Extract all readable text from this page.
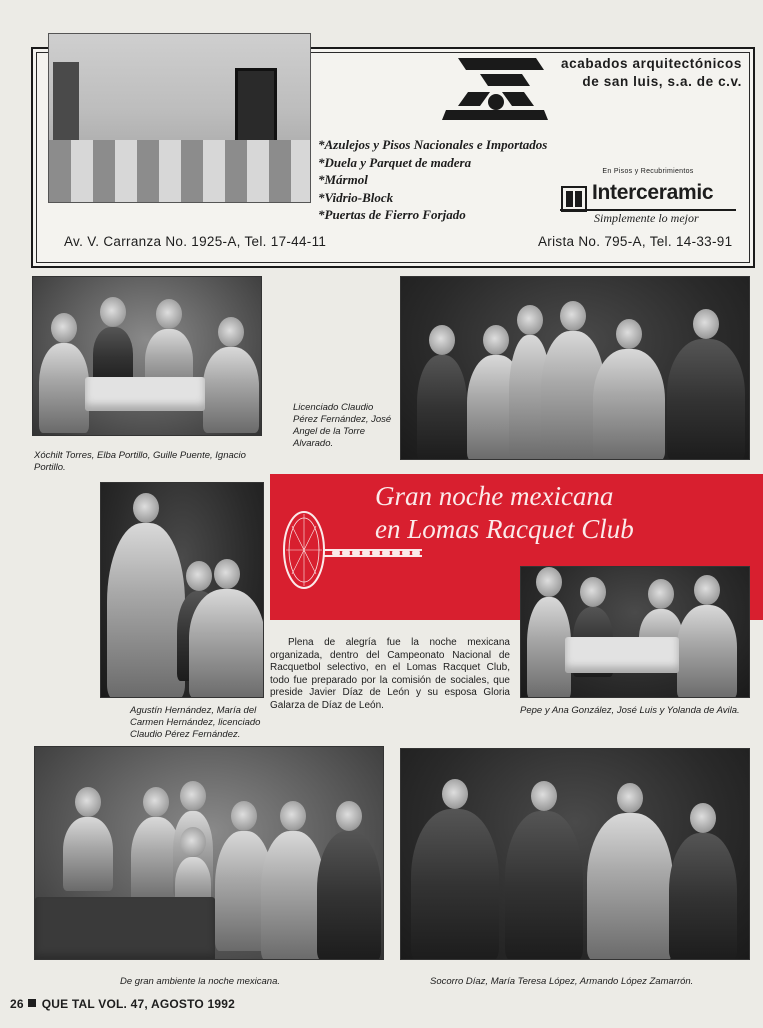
acabados arquitectónicos
de san luis, s.a. de c.v.
*Azulejos y Pisos Nacionales e Importados
*Duela y Parquet de madera
*Mármol
*Vidrio-Block
*Puertas de Fierro Forjado
En Pisos y Recubrimientos
Interceramic
Simplemente lo mejor
Av. V. Carranza No. 1925-A, Tel. 17-44-11	Arista No. 795-A, Tel. 14-33-91
Xóchilt Torres, Elba Portillo, Guille Puente, Ignacio Portillo.
Licenciado Claudio Pérez Fernández, José Angel de la Torre Alvarado.
Agustín Hernández, María del Carmen Hernández, licenciado Claudio Pérez Fernández.
Gran noche mexicana
en Lomas Racquet Club
Pepe y Ana González, José Luis y Yolanda de Avila.

Plena de alegría fue la noche mexicana organizada, dentro del Campeonato Nacional de Racquetbol selectivo, en el Lomas Racquet Club, todo fue preparado por la comisión de sociales, que preside Javier Díaz de León y su esposa Gloria Galarza de Díaz de León.

De gran ambiente la noche mexicana.	Socorro Díaz, María Teresa López, Armando López Zamarrón.
26 QUE TAL VOL. 47, AGOSTO 1992
